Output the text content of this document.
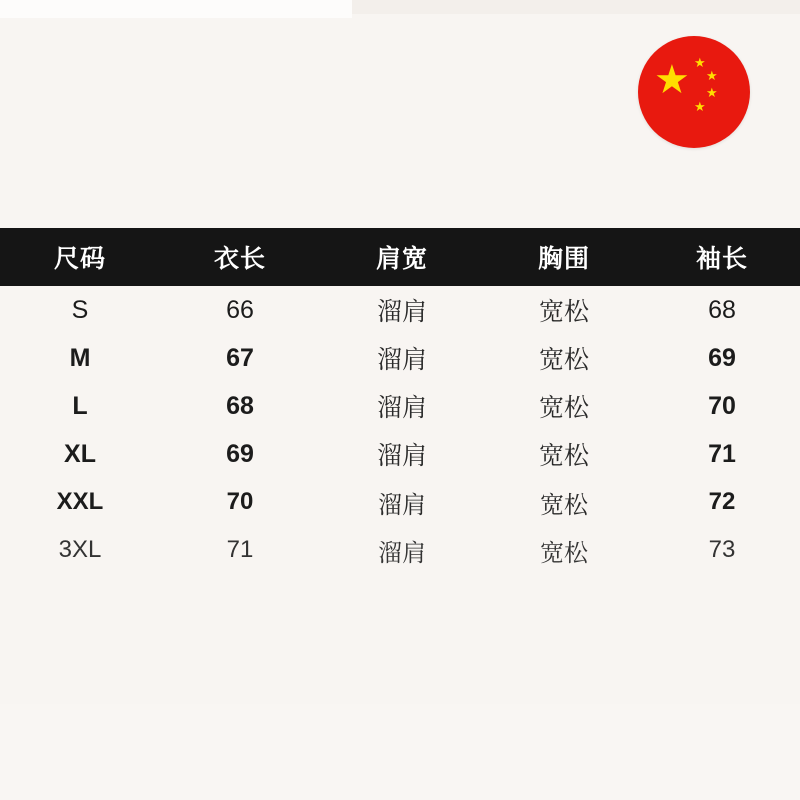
★ ★
★
★
★
尺码	衣长	肩宽	胸围	袖长
S	66	溜肩	宽松	68
M	67	溜肩	宽松	69
L	68	溜肩	宽松	70
XL	69	溜肩	宽松	71
XXL	70	溜肩	宽松	72
3XL	71	溜肩	宽松	73
